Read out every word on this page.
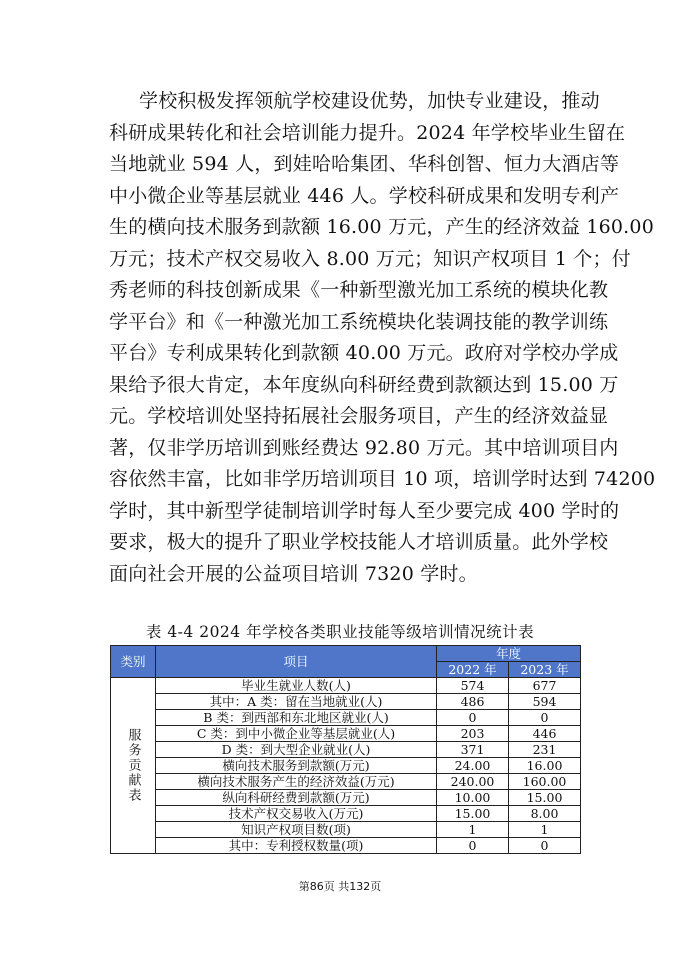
学校积极发挥领航学校建设优势，加快专业建设，推动
科研成果转化和社会培训能力提升。2024 年学校毕业生留在
当地就业 594 人，到娃哈哈集团、华科创智、恒力大酒店等
中小微企业等基层就业 446 人。学校科研成果和发明专利产
生的横向技术服务到款额 16.00 万元，产生的经济效益 160.00
万元；技术产权交易收入 8.00 万元；知识产权项目 1 个；付
秀老师的科技创新成果《一种新型激光加工系统的模块化教
学平台》和《一种激光加工系统模块化装调技能的教学训练
平台》专利成果转化到款额 40.00 万元。政府对学校办学成
果给予很大肯定，本年度纵向科研经费到款额达到 15.00 万
元。学校培训处坚持拓展社会服务项目，产生的经济效益显
著，仅非学历培训到账经费达 92.80 万元。其中培训项目内
容依然丰富，比如非学历培训项目 10 项，培训学时达到 74200
学时，其中新型学徒制培训学时每人至少要完成 400 学时的
要求，极大的提升了职业学校技能人才培训质量。此外学校
面向社会开展的公益项目培训 7320 学时。
表 4-4 2024 年学校各类职业技能等级培训情况统计表
类别	项目	年度	
		2022 年	2023 年

服务贡献表	毕业生就业人数(人)	574	677
	其中：A 类：留在当地就业(人)	486	594
	B 类：到西部和东北地区就业(人)	0	0
	C 类：到中小微企业等基层就业(人)	203	446
	D 类：到大型企业就业(人)	371	231
	横向技术服务到款额(万元)	24.00	16.00
	横向技术服务产生的经济效益(万元)	240.00	160.00
	纵向科研经费到款额(万元)	10.00	15.00
	技术产权交易收入(万元)	15.00	8.00
	知识产权项目数(项)	1	1
	其中：专利授权数量(项)	0	0
第86页 共132页
